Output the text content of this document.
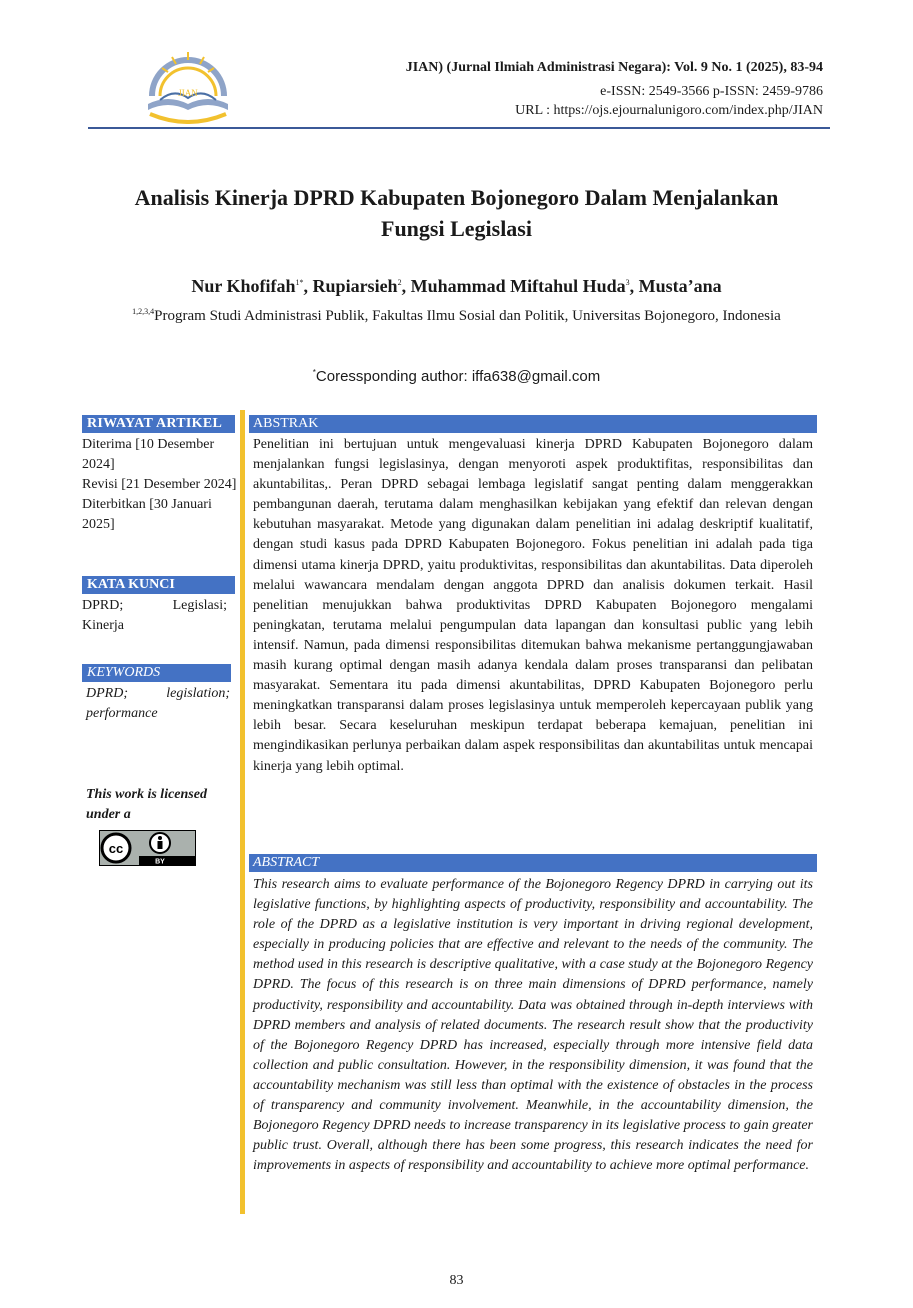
JIAN
JIAN) (Jurnal Ilmiah Administrasi Negara): Vol. 9 No. 1 (2025), 83-94
e-ISSN: 2549-3566 p-ISSN: 2459-9786
URL : https://ojs.ejournalunigoro.com/index.php/JIAN
Analisis Kinerja DPRD Kabupaten Bojonegoro Dalam Menjalankan
Fungsi Legislasi
Nur Khofifah$^{1*}$, Rupiarsieh$^2$, Muhammad Miftahul Huda$^3$, Musta’ana
$^{1,2,3,4}$Program Studi Administrasi Publik, Fakultas Ilmu Sosial dan Politik, Universitas Bojonegoro, Indonesia
*Coressponding author: iffa638@gmail.com
RIWAYAT ARTIKEL
Diterima [10 Desember 2024]
Revisi [21 Desember 2024]
Diterbitkan [30 Januari 2025]
KATA KUNCI
DPRD;	Legislasi;
Kinerja
KEYWORDS
DPRD;	legislation;
performance
This work is licensed under a
cc
BY
ABSTRAK
Penelitian ini bertujuan untuk mengevaluasi kinerja DPRD Kabupaten Bojonegoro dalam menjalankan fungsi legislasinya, dengan menyoroti aspek produktifitas, responsibilitas dan akuntabilitas,. Peran DPRD sebagai lembaga legislatif sangat penting dalam menggerakkan pembangunan daerah, terutama dalam menghasilkan kebijakan yang efektif dan relevan dengan kebutuhan masyarakat. Metode yang digunakan dalam penelitian ini adalag deskriptif kualitatif, dengan studi kasus pada DPRD Kabupaten Bojonegoro. Fokus penelitian ini adalah pada tiga dimensi utama kinerja DPRD, yaitu produktivitas, responsibilitas dan akuntabilitas. Data diperoleh melalui wawancara mendalam dengan anggota DPRD dan analisis dokumen terkait. Hasil penelitian menujukkan bahwa produktivitas DPRD Kabupaten Bojonegoro mengalami peningkatan, terutama melalui pengumpulan data lapangan dan konsultasi public yang lebih intensif. Namun, pada dimensi responsibilitas ditemukan bahwa mekanisme pertanggungjawaban masih kurang optimal dengan masih adanya kendala dalam proses transparansi dan pelibatan masyarakat. Sementara itu pada dimensi akuntabilitas, DPRD Kabupaten Bojonegoro perlu meningkatkan transparansi dalam proses legislasinya untuk memperoleh kepercayaan publik yang lebih besar. Secara keseluruhan meskipun terdapat beberapa kemajuan, penelitian ini mengindikasikan perlunya perbaikan dalam aspek responsibilitas dan akuntabilitas untuk mencapai kinerja yang lebih optimal.
ABSTRACT
This research aims to evaluate performance of the Bojonegoro Regency DPRD in carrying out its legislative functions, by highlighting aspects of productivity, responsibility and accountability. The role of the DPRD as a legislative institution is very important in driving regional development, especially in producing policies that are effective and relevant to the needs of the community. The method used in this research is descriptive qualitative, with a case study at the Bojonegoro Regency DPRD. The focus of this research is on three main dimensions of DPRD performance, namely productivity, responsibility and accountability. Data was obtained through in-depth interviews with DPRD members and analysis of related documents. The research result show that the productivity of the Bojonegoro Regency DPRD has increased, especially through more intensive field data collection and public consultation. However, in the responsibility dimension, it was found that the accountability mechanism was still less than optimal with the existence of obstacles in the process of transparency and community involvement. Meanwhile, in the accountability dimension, the Bojonegoro Regency DPRD needs to increase transparency in its legislative process to gain greater public trust. Overall, although there has been some progress, this research indicates the need for improvements in aspects of responsibility and accountability to achieve more optimal performance.
83
